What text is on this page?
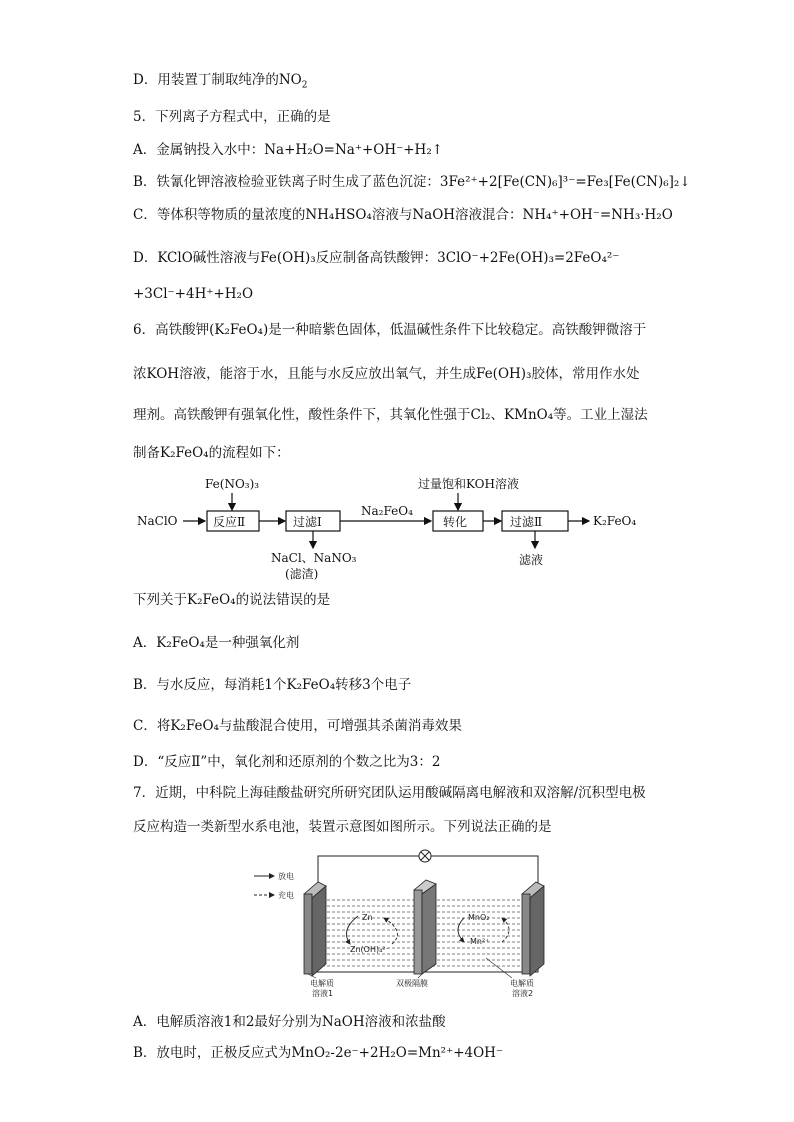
D．用装置丁制取纯净的$NO_2$
5．下列离子方程式中，正确的是
A．金属钠投入水中：Na+H₂O=Na⁺+OH⁻+H₂↑
B．铁氰化钾溶液检验亚铁离子时生成了蓝色沉淀：3Fe²⁺+2[Fe(CN)₆]³⁻=Fe₃[Fe(CN)₆]₂↓
C．等体积等物质的量浓度的NH₄HSO₄溶液与NaOH溶液混合：NH₄⁺+OH⁻=NH₃·H₂O
D．KClO碱性溶液与Fe(OH)₃反应制备高铁酸钾：3ClO⁻+2Fe(OH)₃=2FeO₄²⁻
+3Cl⁻+4H⁺+H₂O
6．高铁酸钾(K₂FeO₄)是一种暗紫色固体，低温碱性条件下比较稳定。高铁酸钾微溶于
浓KOH溶液，能溶于水，且能与水反应放出氧气，并生成Fe(OH)₃胶体，常用作水处
理剂。高铁酸钾有强氧化性，酸性条件下，其氧化性强于Cl₂、KMnO₄等。工业上湿法
制备K₂FeO₄的流程如下：
下列关于K₂FeO₄的说法错误的是
A．K₂FeO₄是一种强氧化剂
B．与水反应，每消耗1个K₂FeO₄转移3个电子
C．将K₂FeO₄与盐酸混合使用，可增强其杀菌消毒效果
D．“反应Ⅱ”中，氧化剂和还原剂的个数之比为3：2
7．近期，中科院上海硅酸盐研究所研究团队运用酸碱隔离电解液和双溶解/沉积型电极
反应构造一类新型水系电池，装置示意图如图所示。下列说法正确的是
A．电解质溶液1和2最好分别为NaOH溶液和浓盐酸
B．放电时，正极反应式为MnO₂-2e⁻+2H₂O=Mn²⁺+4OH⁻
NaClO
Fe(NO₃)₃
反应Ⅱ	过滤Ⅰ
NaCl、NaNO₃
(滤渣)
Na₂FeO₄
过量饱和KOH溶液
转化	过滤Ⅱ
滤液
K₂FeO₄
放电
充电
Zn
Zn(OH)₄²⁻
MnO₂
Mn²⁺
电解质
溶液1
双极隔膜	电解质
溶液2
